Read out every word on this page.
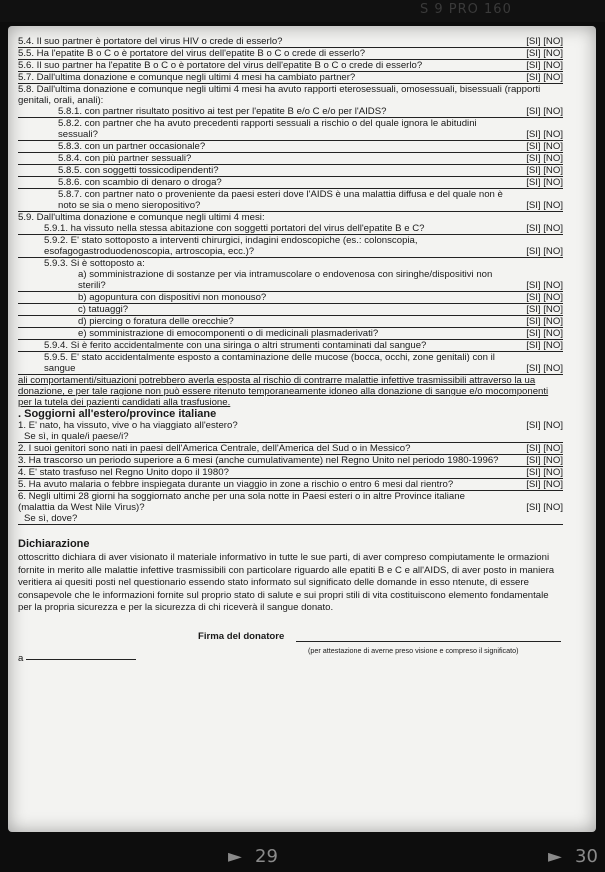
S 9 PRO 160
5.4. Il suo partner è portatore del virus HIV o crede di esserlo?	[SI] [NO]
5.5. Ha l'epatite B o C o è portatore del virus dell'epatite B o C o crede di esserlo?	[SI] [NO]
5.6. Il suo partner ha l'epatite B o C o è portatore del virus dell'epatite B o C o crede di esserlo?	[SI] [NO]
5.7. Dall'ultima donazione e comunque negli ultimi 4 mesi ha cambiato partner?	[SI] [NO]
5.8. Dall'ultima donazione e comunque negli ultimi 4 mesi ha avuto rapporti eterosessuali, omosessuali, bisessuali (rapporti genitali, orali, anali):
5.8.1. con partner risultato positivo ai test per l'epatite B e/o C e/o per l'AIDS?	[SI] [NO]
5.8.2. con partner che ha avuto precedenti rapporti sessuali a rischio o del quale ignora le abitudini sessuali?	[SI] [NO]
5.8.3. con un partner occasionale?	[SI] [NO]
5.8.4. con più partner sessuali?	[SI] [NO]
5.8.5. con soggetti tossicodipendenti?	[SI] [NO]
5.8.6. con scambio di denaro o droga?	[SI] [NO]
5.8.7. con partner nato o proveniente da paesi esteri dove l'AIDS è una malattia diffusa e del quale non è noto se sia o meno sieropositivo?	[SI] [NO]
5.9. Dall'ultima donazione e comunque negli ultimi 4 mesi:
5.9.1. ha vissuto nella stessa abitazione con soggetti portatori del virus dell'epatite B e C?	[SI] [NO]
5.9.2. E' stato sottoposto a interventi chirurgici, indagini endoscopiche (es.: colonscopia, esofagogastroduodenoscopia, artroscopia, ecc.)?	[SI] [NO]
5.9.3. Si è sottoposto a:
a) somministrazione di sostanze per via intramuscolare o endovenosa con siringhe/dispositivi non sterili?	[SI] [NO]
b) agopuntura con dispositivi non monouso?	[SI] [NO]
c) tatuaggi?	[SI] [NO]
d) piercing o foratura delle orecchie?	[SI] [NO]
e) somministrazione di emocomponenti o di medicinali plasmaderivati?	[SI] [NO]
5.9.4. Si è ferito accidentalmente con una siringa o altri strumenti contaminati dal sangue?	[SI] [NO]
5.9.5. E' stato accidentalmente esposto a contaminazione delle mucose (bocca, occhi, zone genitali) con il sangue	[SI] [NO]
ali comportamenti/situazioni potrebbero averla esposta al rischio di contrarre malattie infettive trasmissibili attraverso la ua donazione, e per tale ragione non può essere ritenuto temporaneamente idoneo alla donazione di sangue e/o mocomponenti per la tutela dei pazienti candidati alla trasfusione.
. Soggiorni all'estero/province italiane
1. E' nato, ha vissuto, vive o ha viaggiato all'estero?	[SI] [NO]
Se sì, in quale/i paese/i?
2. I suoi genitori sono nati in paesi dell'America Centrale, dell'America del Sud o in Messico?	[SI] [NO]
3. Ha trascorso un periodo superiore a 6 mesi (anche cumulativamente) nel Regno Unito nel periodo 1980-1996?	[SI] [NO]
4. E' stato trasfuso nel Regno Unito dopo il 1980?	[SI] [NO]
5. Ha avuto malaria o febbre inspiegata durante un viaggio in zone a rischio o entro 6 mesi dal rientro?	[SI] [NO]
6. Negli ultimi 28 giorni ha soggiornato anche per una sola notte in Paesi esteri o in altre Province italiane (malattia da West Nile Virus)?	[SI] [NO]
Se sì, dove?
Dichiarazione
ottoscritto dichiara di aver visionato il materiale informativo in tutte le sue parti, di aver compreso compiutamente le ormazioni fornite in merito alle malattie infettive trasmissibili con particolare riguardo alle epatiti B e C e all'AIDS, di aver posto in maniera veritiera ai quesiti posti nel questionario essendo stato informato sul significato delle domande in esso ntenute, di essere consapevole che le informazioni fornite sul proprio stato di salute e sui propri stili di vita costituiscono elemento fondamentale per la propria sicurezza e per la sicurezza di chi riceverà il sangue donato.
a
Firma del donatore
(per attestazione di averne preso visione e compreso il significato)
► 29	► 30
